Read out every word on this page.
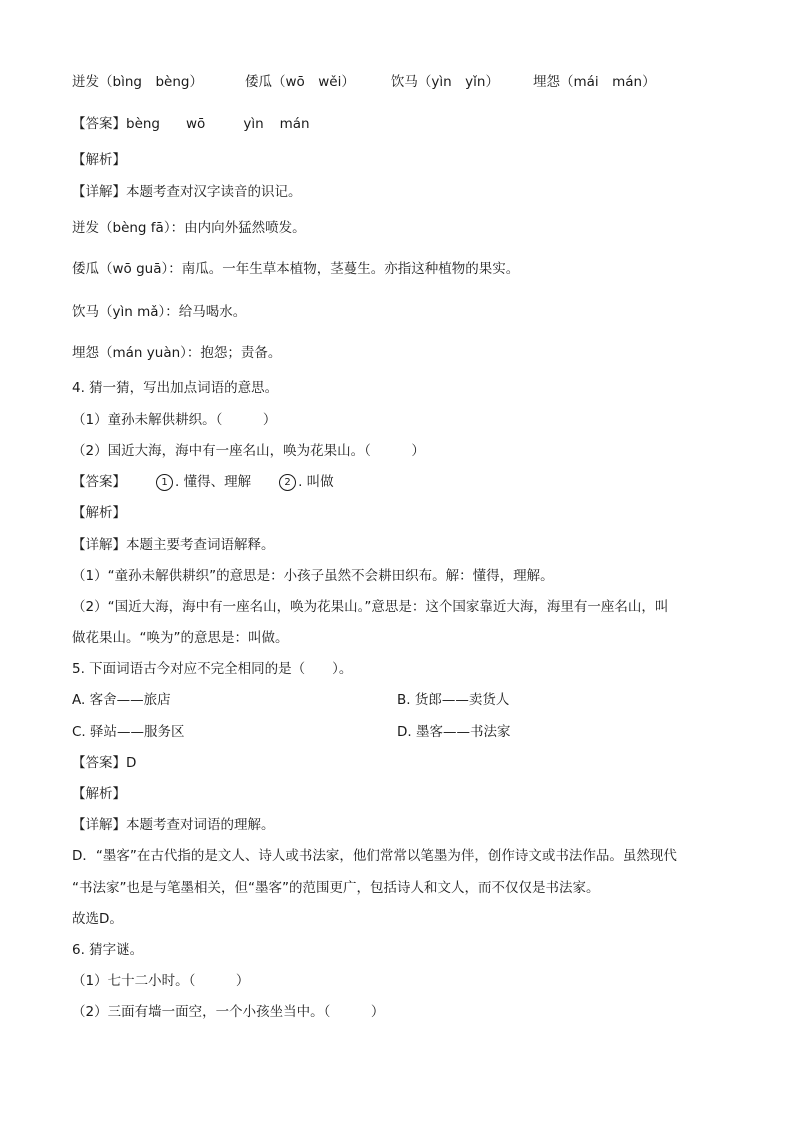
迸发（bìng　bèng）	倭瓜（wō　wěi）	饮马（yìn　yǐn）	埋怨（mái　mán）
【答案】bèng wō	yìn mán
【解析】
【详解】本题考查对汉字读音的识记。
迸发（bèng fā）：由内向外猛然喷发。
倭瓜（wō guā）：南瓜。一年生草本植物，茎蔓生。亦指这种植物的果实。
饮马（yìn mǎ）：给马喝水。
埋怨（mán yuàn）：抱怨；责备。
4. 猜一猜，写出加点词语的意思。
（1）童孙未解供耕织。（　　　）
（2）国近大海，海中有一座名山，唤为花果山。（　　　）
【答案】	1 . 懂得、理解	2 . 叫做
【解析】
【详解】本题主要考查词语解释。
（1）“童孙未解供耕织”的意思是：小孩子虽然不会耕田织布。解：懂得，理解。
（2）“国近大海，海中有一座名山，唤为花果山。”意思是：这个国家靠近大海，海里有一座名山，叫
做花果山。“唤为”的意思是：叫做。
5. 下面词语古今对应不完全相同的是（　　）。
A. 客舍——旅店	B. 货郎——卖货人
C. 驿站——服务区	D. 墨客——书法家
【答案】D
【解析】
【详解】本题考查对词语的理解。
D．“墨客”在古代指的是文人、诗人或书法家，他们常常以笔墨为伴，创作诗文或书法作品。虽然现代
“书法家”也是与笔墨相关，但“墨客”的范围更广，包括诗人和文人，而不仅仅是书法家。
故选D。
6. 猜字谜。
（1）七十二小时。（　　　）
（2）三面有墙一面空，一个小孩坐当中。（　　　）
